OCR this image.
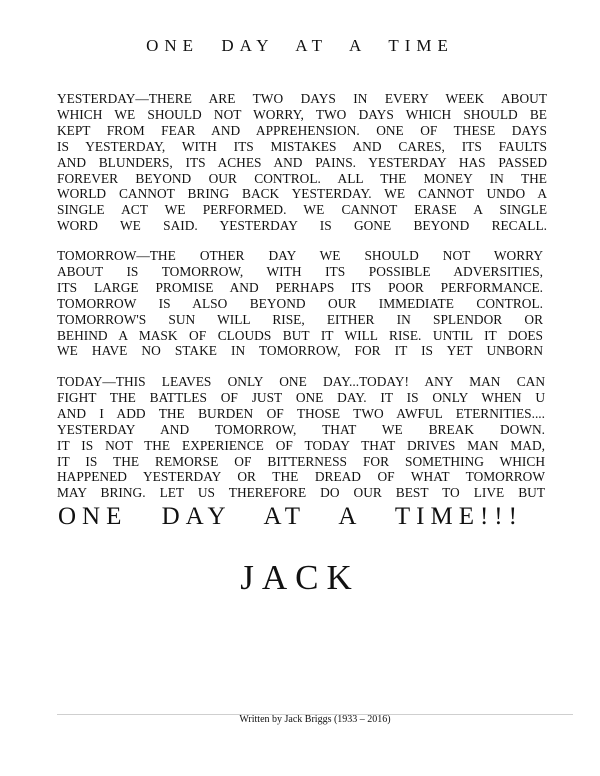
ONE DAY AT A TIME
YESTERDAY—THERE ARE TWO DAYS IN EVERY WEEK ABOUT
WHICH WE SHOULD NOT WORRY, TWO DAYS WHICH SHOULD BE
KEPT FROM FEAR AND APPREHENSION. ONE OF THESE DAYS
IS YESTERDAY, WITH ITS MISTAKES AND CARES, ITS FAULTS
AND BLUNDERS, ITS ACHES AND PAINS. YESTERDAY HAS PASSED
FOREVER BEYOND OUR CONTROL. ALL THE MONEY IN THE
WORLD CANNOT BRING BACK YESTERDAY. WE CANNOT UNDO A
SINGLE ACT WE PERFORMED. WE CANNOT ERASE A SINGLE
WORD WE SAID. YESTERDAY IS GONE BEYOND RECALL.
TOMORROW—THE OTHER DAY WE SHOULD NOT WORRY
ABOUT IS TOMORROW, WITH ITS POSSIBLE ADVERSITIES,
ITS LARGE PROMISE AND PERHAPS ITS POOR PERFORMANCE.
TOMORROW IS ALSO BEYOND OUR IMMEDIATE CONTROL.
TOMORROW'S SUN WILL RISE, EITHER IN SPLENDOR OR
BEHIND A MASK OF CLOUDS BUT IT WILL RISE. UNTIL IT DOES
WE HAVE NO STAKE IN TOMORROW, FOR IT IS YET UNBORN
TODAY—THIS LEAVES ONLY ONE DAY...TODAY! ANY MAN CAN
FIGHT THE BATTLES OF JUST ONE DAY. IT IS ONLY WHEN U
AND I ADD THE BURDEN OF THOSE TWO AWFUL ETERNITIES....
YESTERDAY AND TOMORROW, THAT WE BREAK DOWN.
IT IS NOT THE EXPERIENCE OF TODAY THAT DRIVES MAN MAD,
IT IS THE REMORSE OF BITTERNESS FOR SOMETHING WHICH
HAPPENED YESTERDAY OR THE DREAD OF WHAT TOMORROW
MAY BRING. LET US THEREFORE DO OUR BEST TO LIVE BUT
ONE DAY AT A TIME!!!
JACK
Written by Jack Briggs (1933 – 2016)
